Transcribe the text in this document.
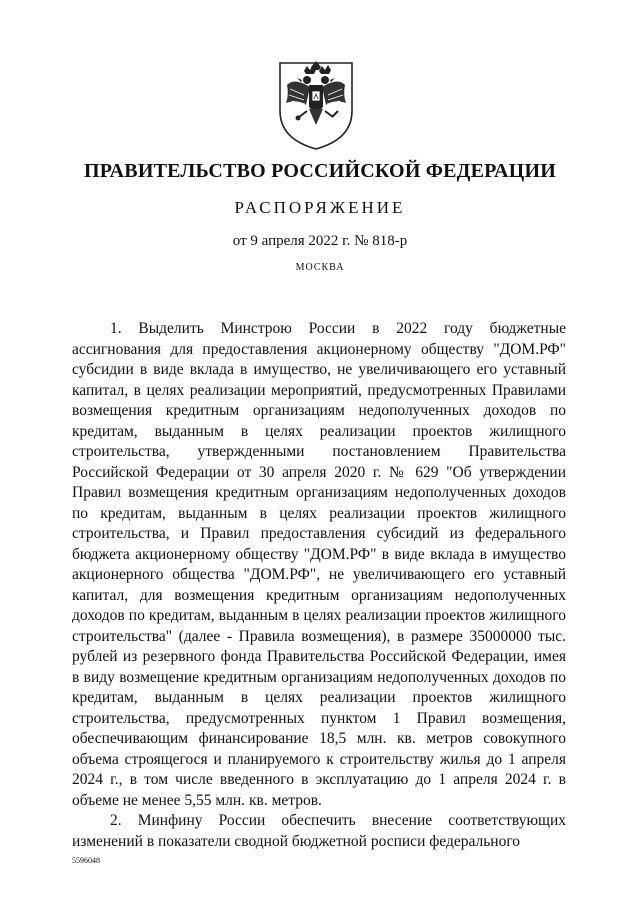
ПРАВИТЕЛЬСТВО РОССИЙСКОЙ ФЕДЕРАЦИИ
РАСПОРЯЖЕНИЕ
от 9 апреля 2022 г. № 818-р
МОСКВА

1. Выделить Минстрою России в 2022 году бюджетные ассигнования для предоставления акционерному обществу "ДОМ.РФ" субсидии в виде вклада в имущество, не увеличивающего его уставный капитал, в целях реализации мероприятий, предусмотренных Правилами возмещения кредитным организациям недополученных доходов по кредитам, выданным в целях реализации проектов жилищного строительства, утвержденными постановлением Правительства Российской Федерации от 30 апреля 2020 г. № 629 "Об утверждении Правил возмещения кредитным организациям недополученных доходов по кредитам, выданным в целях реализации проектов жилищного строительства, и Правил предоставления субсидий из федерального бюджета акционерному обществу "ДОМ.РФ" в виде вклада в имущество акционерного общества "ДОМ.РФ", не увеличивающего его уставный капитал, для возмещения кредитным организациям недополученных доходов по кредитам, выданным в целях реализации проектов жилищного строительства" (далее - Правила возмещения), в размере 35000000 тыс. рублей из резервного фонда Правительства Российской Федерации, имея в виду возмещение кредитным организациям недополученных доходов по кредитам, выданным в целях реализации проектов жилищного строительства, предусмотренных пунктом 1 Правил возмещения, обеспечивающим финансирование 18,5 млн. кв. метров совокупного объема строящегося и планируемого к строительству жилья до 1 апреля 2024 г., в том числе введенного в эксплуатацию до 1 апреля 2024 г. в объеме не менее 5,55 млн. кв. метров.

2. Минфину России обеспечить внесение соответствующих изменений в показатели сводной бюджетной росписи федерального

5596048
